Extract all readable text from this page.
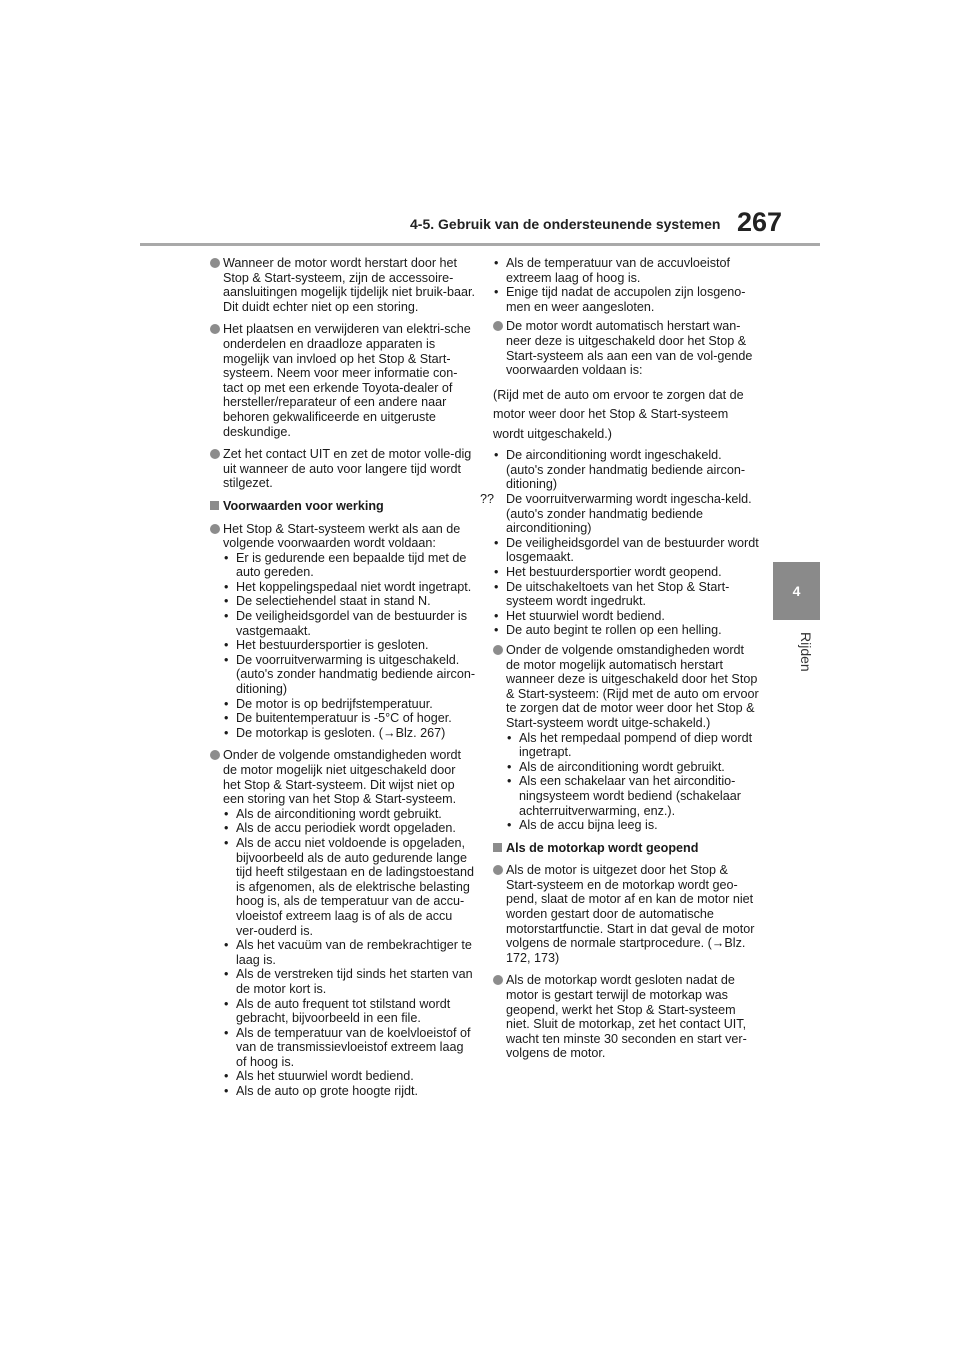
4-5. Gebruik van de ondersteunende systemen 267
4
Rijden
Wanneer de motor wordt herstart door het Stop & Start-systeem, zijn de accessoire-aansluitingen mogelijk tijdelijk niet bruik-baar. Dit duidt echter niet op een storing.
Het plaatsen en verwijderen van elektri-sche onderdelen en draadloze apparaten is mogelijk van invloed op het Stop & Start-systeem. Neem voor meer informatie con-tact op met een erkende Toyota-dealer of hersteller/reparateur of een andere naar behoren gekwalificeerde en uitgeruste deskundige.
Zet het contact UIT en zet de motor volle-dig uit wanneer de auto voor langere tijd wordt stilgezet.
Voorwaarden voor werking
Het Stop & Start-systeem werkt als aan de volgende voorwaarden wordt voldaan:
• Er is gedurende een bepaalde tijd met de auto gereden.
• Het koppelingspedaal niet wordt ingetrapt.
• De selectiehendel staat in stand N.
• De veiligheidsgordel van de bestuurder is vastgemaakt.
• Het bestuurdersportier is gesloten.
• De voorruitverwarming is uitgeschakeld. (auto's zonder handmatig bediende aircon-ditioning)
• De motor is op bedrijfstemperatuur.
• De buitentemperatuur is -5°C of hoger.
• De motorkap is gesloten. (→Blz. 267)
Onder de volgende omstandigheden wordt de motor mogelijk niet uitgeschakeld door het Stop & Start-systeem. Dit wijst niet op een storing van het Stop & Start-systeem.
• Als de airconditioning wordt gebruikt.
• Als de accu periodiek wordt opgeladen.
• Als de accu niet voldoende is opgeladen, bijvoorbeeld als de auto gedurende lange tijd heeft stilgestaan en de ladingstoestand is afgenomen, als de elektrische belasting hoog is, als de temperatuur van de accu-vloeistof extreem laag is of als de accu ver-ouderd is.
• Als het vacuüm van de rembekrachtiger te laag is.
• Als de verstreken tijd sinds het starten van de motor kort is.
• Als de auto frequent tot stilstand wordt gebracht, bijvoorbeeld in een file.
• Als de temperatuur van de koelvloeistof of van de transmissievloeistof extreem laag of hoog is.
• Als het stuurwiel wordt bediend.
• Als de auto op grote hoogte rijdt.
• Als de temperatuur van de accuvloeistof extreem laag of hoog is.
• Enige tijd nadat de accupolen zijn losgeno-men en weer aangesloten.
De motor wordt automatisch herstart wan-neer deze is uitgeschakeld door het Stop & Start-systeem als aan een van de vol-gende voorwaarden voldaan is:
(Rijd met de auto om ervoor te zorgen dat de
motor weer door het Stop & Start-systeem
wordt uitgeschakeld.)
• De airconditioning wordt ingeschakeld. (auto's zonder handmatig bediende aircon-ditioning)
?? De voorruitverwarming wordt ingescha-keld. (auto's zonder handmatig bediende airconditioning)
• De veiligheidsgordel van de bestuurder wordt losgemaakt.
• Het bestuurdersportier wordt geopend.
• De uitschakeltoets van het Stop & Start-systeem wordt ingedrukt.
• Het stuurwiel wordt bediend.
• De auto begint te rollen op een helling.
Onder de volgende omstandigheden wordt de motor mogelijk automatisch herstart wanneer deze is uitgeschakeld door het Stop & Start-systeem: (Rijd met de auto om ervoor te zorgen dat de motor weer door het Stop & Start-systeem wordt uitge-schakeld.)
• Als het rempedaal pompend of diep wordt ingetrapt.
• Als de airconditioning wordt gebruikt.
• Als een schakelaar van het airconditio-ningsysteem wordt bediend (schakelaar achterruitverwarming, enz.).
• Als de accu bijna leeg is.
Als de motorkap wordt geopend
Als de motor is uitgezet door het Stop & Start-systeem en de motorkap wordt geo-pend, slaat de motor af en kan de motor niet worden gestart door de automatische motorstartfunctie. Start in dat geval de motor volgens de normale startprocedure. (→Blz. 172, 173)
Als de motorkap wordt gesloten nadat de motor is gestart terwijl de motorkap was geopend, werkt het Stop & Start-systeem niet. Sluit de motorkap, zet het contact UIT, wacht ten minste 30 seconden en start ver-volgens de motor.
